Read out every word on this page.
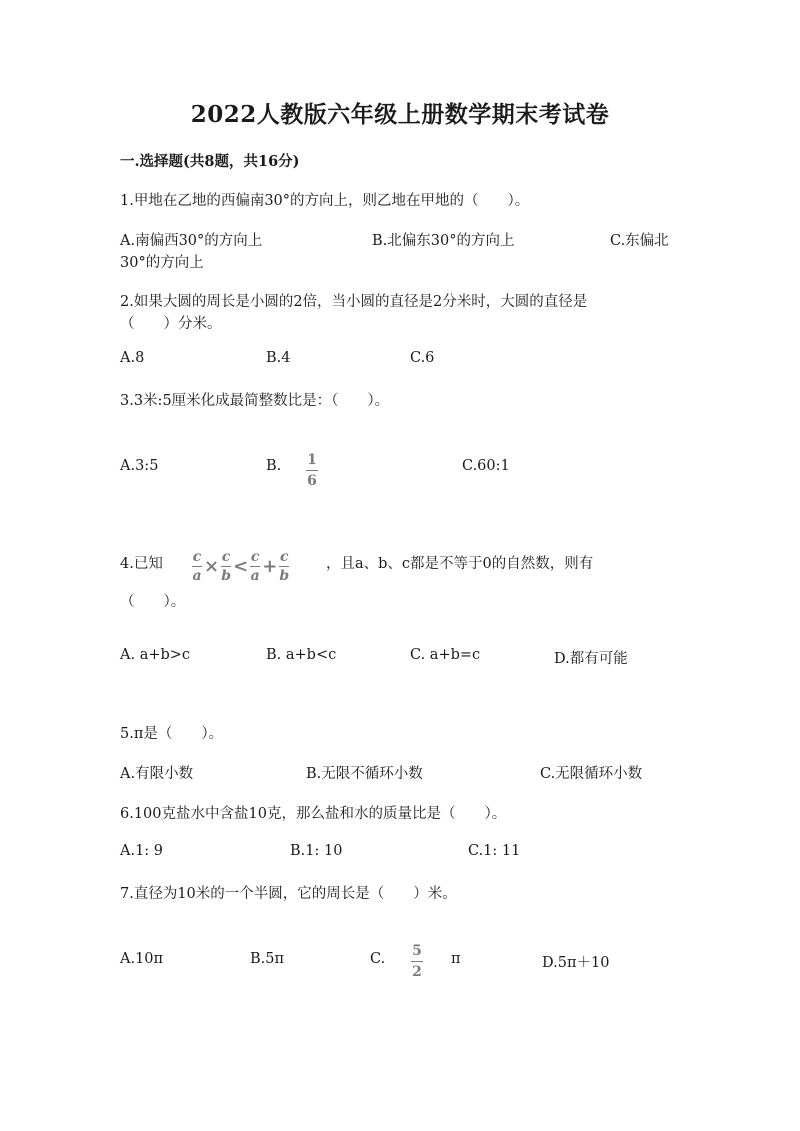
2022人教版六年级上册数学期末考试卷
一.选择题(共8题，共16分)
1.甲地在乙地的西偏南30°的方向上，则乙地在甲地的（　　）。
A.南偏西30°的方向上	B.北偏东30°的方向上	C.东偏北
30°的方向上
2.如果大圆的周长是小圆的2倍，当小圆的直径是2分米时，大圆的直径是
（　　）分米。
A.8	B.4	C.6
3.3米:5厘米化成最简整数比是：（　　）。
A.3:5	B. 1
6
C.60:1
4.已知 c
a × c
b < c
a + c
b
，且a、b、c都是不等于0的自然数，则有
（　　）。
A. a+b>c	B. a+b<c	C. a+b=c	D.都有可能
5.π是（　　）。
A.有限小数	B.无限不循环小数	C.无限循环小数
6.100克盐水中含盐10克，那么盐和水的质量比是（　　）。
A.1: 9	B.1: 10	C.1: 11
7.直径为10米的一个半圆，它的周长是（　　）米。
A.10π	B.5π	C. 5
2
π	D.5π＋10
